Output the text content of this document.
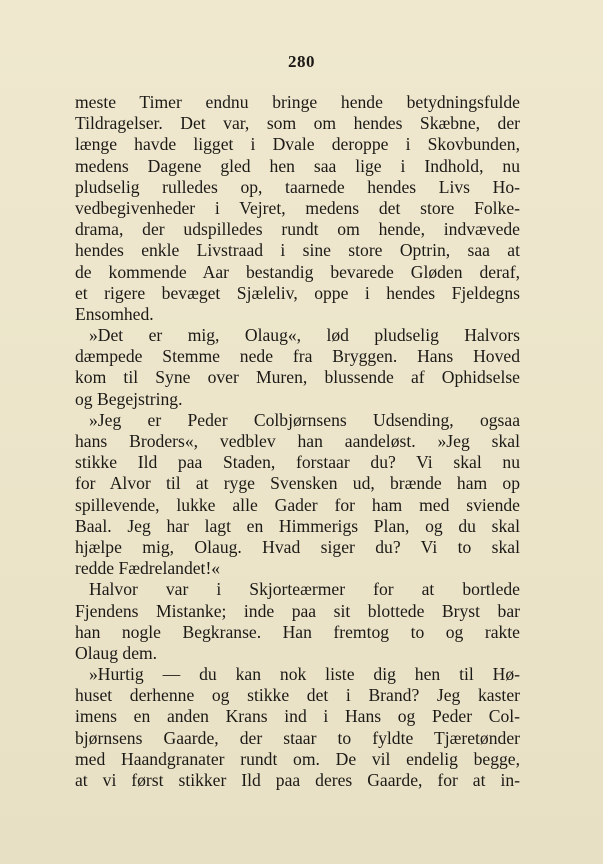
280
meste Timer endnu bringe hende betydningsfulde
Tildragelser. Det var, som om hendes Skæbne, der
længe havde ligget i Dvale deroppe i Skovbunden,
medens Dagene gled hen saa lige i Indhold, nu
pludselig rulledes op, taarnede hendes Livs Ho-
vedbegivenheder i Vejret, medens det store Folke-
drama, der udspilledes rundt om hende, indvævede
hendes enkle Livstraad i sine store Optrin, saa at
de kommende Aar bestandig bevarede Gløden deraf,
et rigere bevæget Sjæleliv, oppe i hendes Fjeldegns
Ensomhed.
»Det er mig, Olaug«, lød pludselig Halvors
dæmpede Stemme nede fra Bryggen. Hans Hoved
kom til Syne over Muren, blussende af Ophidselse
og Begejstring.
»Jeg er Peder Colbjørnsens Udsending, ogsaa
hans Broders«, vedblev han aandeløst. »Jeg skal
stikke Ild paa Staden, forstaar du? Vi skal nu
for Alvor til at ryge Svensken ud, brænde ham op
spillevende, lukke alle Gader for ham med sviende
Baal. Jeg har lagt en Himmerigs Plan, og du skal
hjælpe mig, Olaug. Hvad siger du? Vi to skal
redde Fædrelandet!«
Halvor var i Skjorteærmer for at bortlede
Fjendens Mistanke; inde paa sit blottede Bryst bar
han nogle Begkranse. Han fremtog to og rakte
Olaug dem.
»Hurtig — du kan nok liste dig hen til Hø-
huset derhenne og stikke det i Brand? Jeg kaster
imens en anden Krans ind i Hans og Peder Col-
bjørnsens Gaarde, der staar to fyldte Tjæretønder
med Haandgranater rundt om. De vil endelig begge,
at vi først stikker Ild paa deres Gaarde, for at in-
